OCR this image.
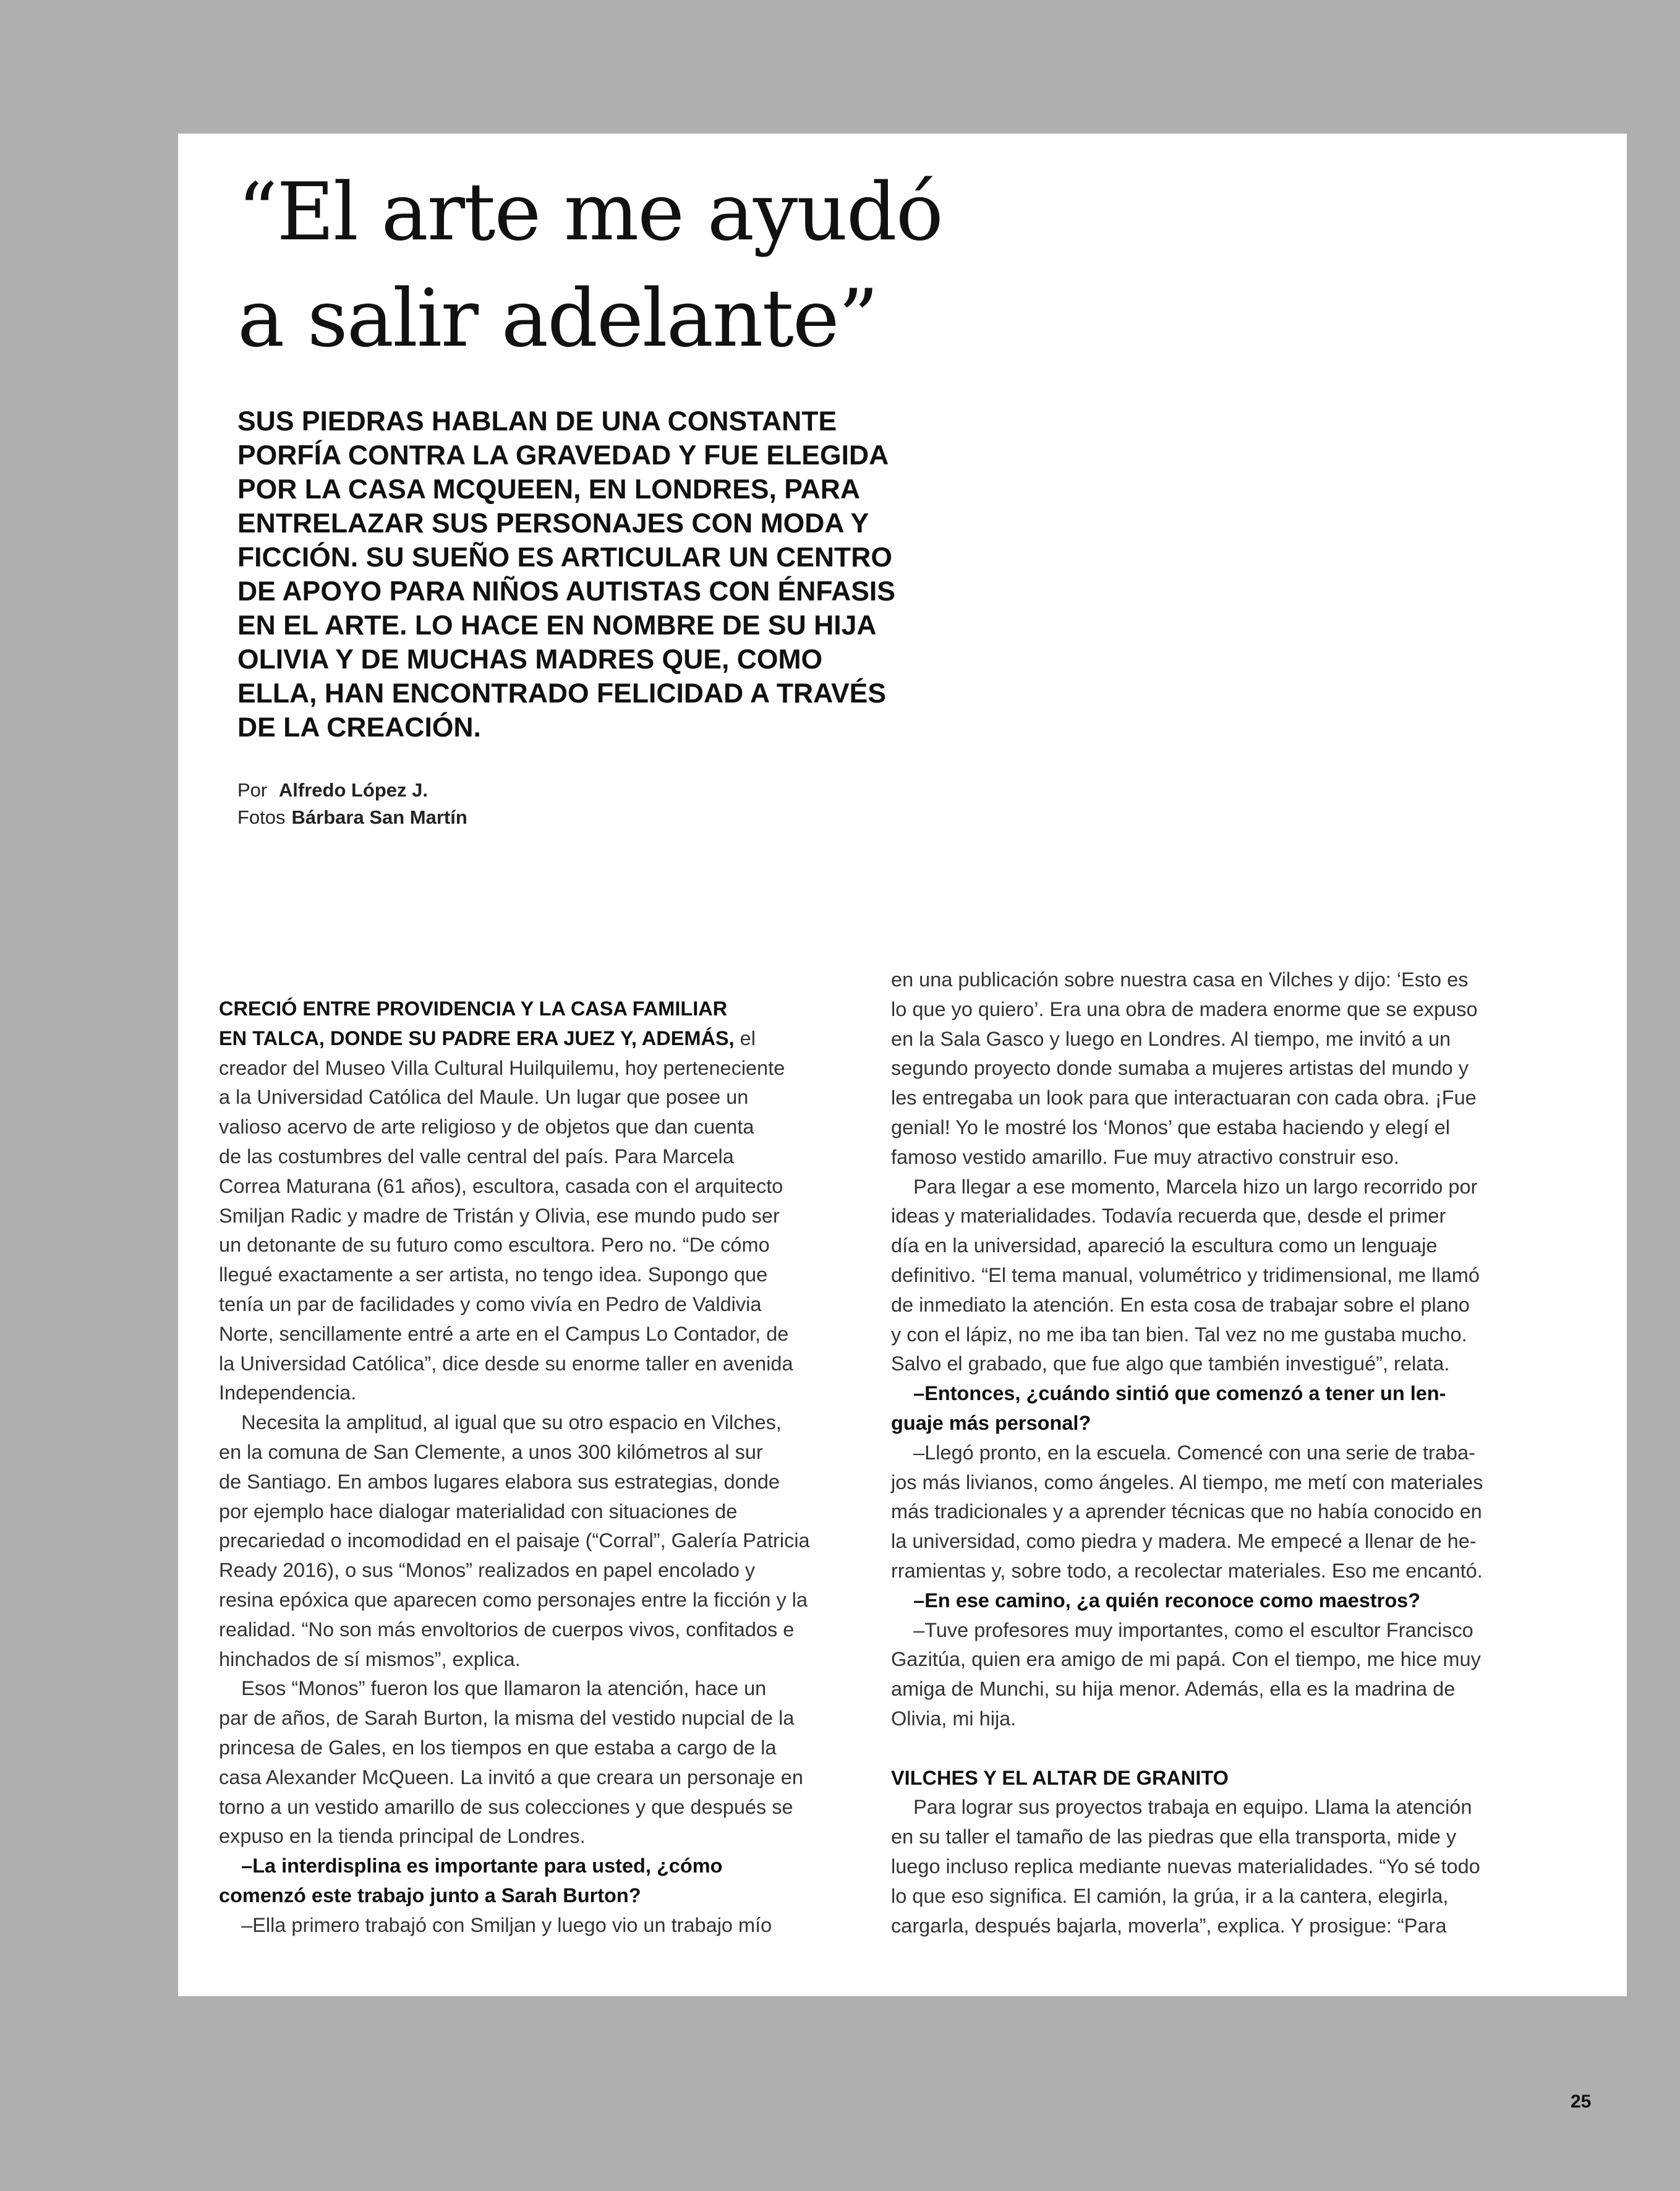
“El arte me ayudó
a salir adelante”

SUS PIEDRAS HABLAN DE UNA CONSTANTE
PORFÍA CONTRA LA GRAVEDAD Y FUE ELEGIDA
POR LA CASA MCQUEEN, EN LONDRES, PARA
ENTRELAZAR SUS PERSONAJES CON MODA Y
FICCIÓN. SU SUEÑO ES ARTICULAR UN CENTRO
DE APOYO PARA NIÑOS AUTISTAS CON ÉNFASIS
EN EL ARTE. LO HACE EN NOMBRE DE SU HIJA
OLIVIA Y DE MUCHAS MADRES QUE, COMO
ELLA, HAN ENCONTRADO FELICIDAD A TRAVÉS
DE LA CREACIÓN.

Por Alfredo López J.
Fotos Bárbara San Martín
CRECIÓ ENTRE PROVIDENCIA Y LA CASA FAMILIAR
EN TALCA, DONDE SU PADRE ERA JUEZ Y, ADEMÁS, el
creador del Museo Villa Cultural Huilquilemu, hoy perteneciente
a la Universidad Católica del Maule. Un lugar que posee un
valioso acervo de arte religioso y de objetos que dan cuenta
de las costumbres del valle central del país. Para Marcela
Correa Maturana (61 años), escultora, casada con el arquitecto
Smiljan Radic y madre de Tristán y Olivia, ese mundo pudo ser
un detonante de su futuro como escultora. Pero no. “De cómo
llegué exactamente a ser artista, no tengo idea. Supongo que
tenía un par de facilidades y como vivía en Pedro de Valdivia
Norte, sencillamente entré a arte en el Campus Lo Contador, de
la Universidad Católica”, dice desde su enorme taller en avenida
Independencia.
Necesita la amplitud, al igual que su otro espacio en Vilches,
en la comuna de San Clemente, a unos 300 kilómetros al sur
de Santiago. En ambos lugares elabora sus estrategias, donde
por ejemplo hace dialogar materialidad con situaciones de
precariedad o incomodidad en el paisaje (“Corral”, Galería Patricia
Ready 2016), o sus “Monos” realizados en papel encolado y
resina epóxica que aparecen como personajes entre la ficción y la
realidad. “No son más envoltorios de cuerpos vivos, confitados e
hinchados de sí mismos”, explica.
Esos “Monos” fueron los que llamaron la atención, hace un
par de años, de Sarah Burton, la misma del vestido nupcial de la
princesa de Gales, en los tiempos en que estaba a cargo de la
casa Alexander McQueen. La invitó a que creara un personaje en
torno a un vestido amarillo de sus colecciones y que después se
expuso en la tienda principal de Londres.
–La interdisplina es importante para usted, ¿cómo
comenzó este trabajo junto a Sarah Burton?
–Ella primero trabajó con Smiljan y luego vio un trabajo mío
en una publicación sobre nuestra casa en Vilches y dijo: ‘Esto es
lo que yo quiero’. Era una obra de madera enorme que se expuso
en la Sala Gasco y luego en Londres. Al tiempo, me invitó a un
segundo proyecto donde sumaba a mujeres artistas del mundo y
les entregaba un look para que interactuaran con cada obra. ¡Fue
genial! Yo le mostré los ‘Monos’ que estaba haciendo y elegí el
famoso vestido amarillo. Fue muy atractivo construir eso.
Para llegar a ese momento, Marcela hizo un largo recorrido por
ideas y materialidades. Todavía recuerda que, desde el primer
día en la universidad, apareció la escultura como un lenguaje
definitivo. “El tema manual, volumétrico y tridimensional, me llamó
de inmediato la atención. En esta cosa de trabajar sobre el plano
y con el lápiz, no me iba tan bien. Tal vez no me gustaba mucho.
Salvo el grabado, que fue algo que también investigué”, relata.
–Entonces, ¿cuándo sintió que comenzó a tener un len-
guaje más personal?
–Llegó pronto, en la escuela. Comencé con una serie de traba-
jos más livianos, como ángeles. Al tiempo, me metí con materiales
más tradicionales y a aprender técnicas que no había conocido en
la universidad, como piedra y madera. Me empecé a llenar de he-
rramientas y, sobre todo, a recolectar materiales. Eso me encantó.
–En ese camino, ¿a quién reconoce como maestros?
–Tuve profesores muy importantes, como el escultor Francisco
Gazitúa, quien era amigo de mi papá. Con el tiempo, me hice muy
amiga de Munchi, su hija menor. Además, ella es la madrina de
Olivia, mi hija.
VILCHES Y EL ALTAR DE GRANITO
Para lograr sus proyectos trabaja en equipo. Llama la atención
en su taller el tamaño de las piedras que ella transporta, mide y
luego incluso replica mediante nuevas materialidades. “Yo sé todo
lo que eso significa. El camión, la grúa, ir a la cantera, elegirla,
cargarla, después bajarla, moverla”, explica. Y prosigue: “Para
25
